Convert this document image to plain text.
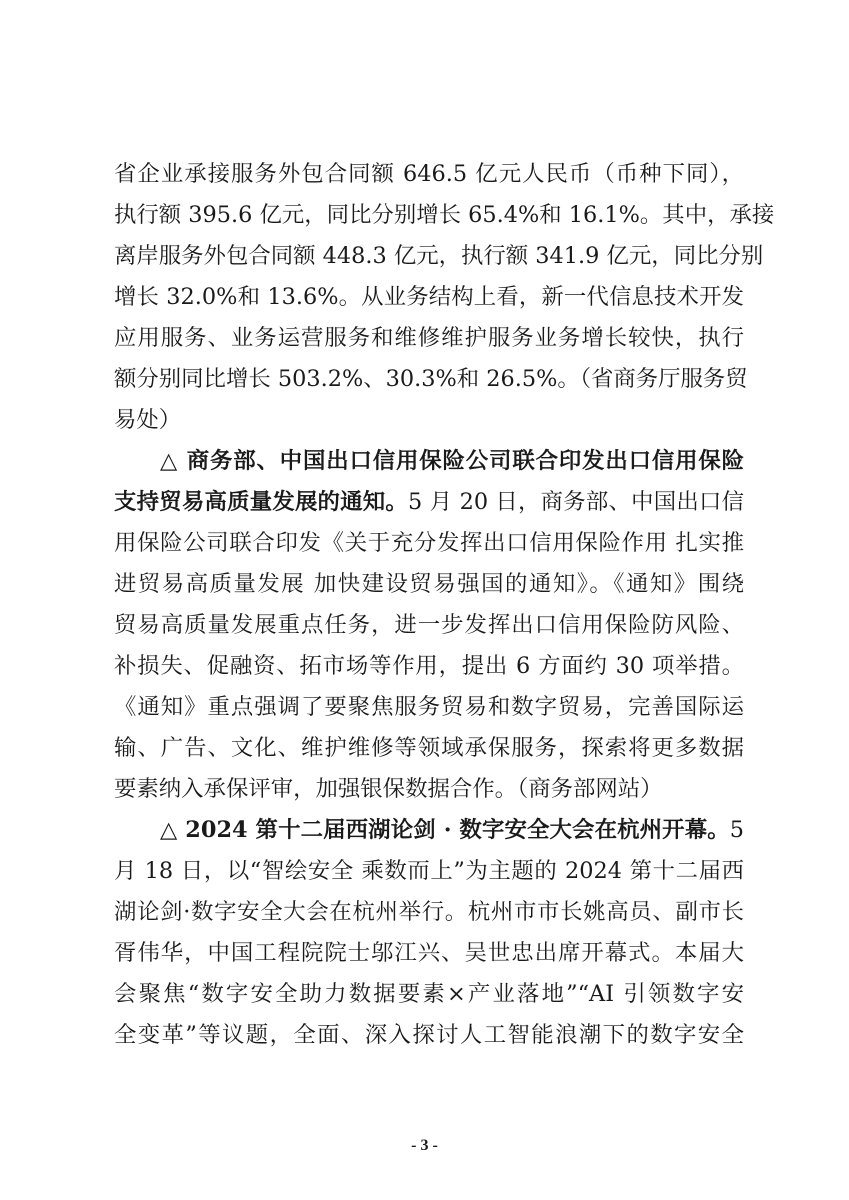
省企业承接服务外包合同额 646.5 亿元人民币（币种下同），
执行额 395.6 亿元，同比分别增长 65.4%和 16.1%。其中，承接
离岸服务外包合同额 448.3 亿元，执行额 341.9 亿元，同比分别
增长 32.0%和 13.6%。从业务结构上看，新一代信息技术开发
应用服务、业务运营服务和维修维护服务业务增长较快，执行
额分别同比增长 503.2%、30.3%和 26.5%。（省商务厅服务贸
易处）
△ 商务部、中国出口信用保险公司联合印发出口信用保险
支持贸易高质量发展的通知。5 月 20 日，商务部、中国出口信
用保险公司联合印发《关于充分发挥出口信用保险作用 扎实推
进贸易高质量发展 加快建设贸易强国的通知》。《通知》围绕
贸易高质量发展重点任务，进一步发挥出口信用保险防风险、
补损失、促融资、拓市场等作用，提出 6 方面约 30 项举措。
《通知》重点强调了要聚焦服务贸易和数字贸易，完善国际运
输、广告、文化、维护维修等领域承保服务，探索将更多数据
要素纳入承保评审，加强银保数据合作。（商务部网站）
△ 2024 第十二届西湖论剑 · 数字安全大会在杭州开幕。5
月 18 日，以“智绘安全 乘数而上”为主题的 2024 第十二届西
湖论剑·数字安全大会在杭州举行。杭州市市长姚高员、副市长
胥伟华，中国工程院院士邬江兴、吴世忠出席开幕式。本届大
会聚焦“数字安全助力数据要素×产业落地”“AI 引领数字安
全变革”等议题，全面、深入探讨人工智能浪潮下的数字安全
- 3 -
